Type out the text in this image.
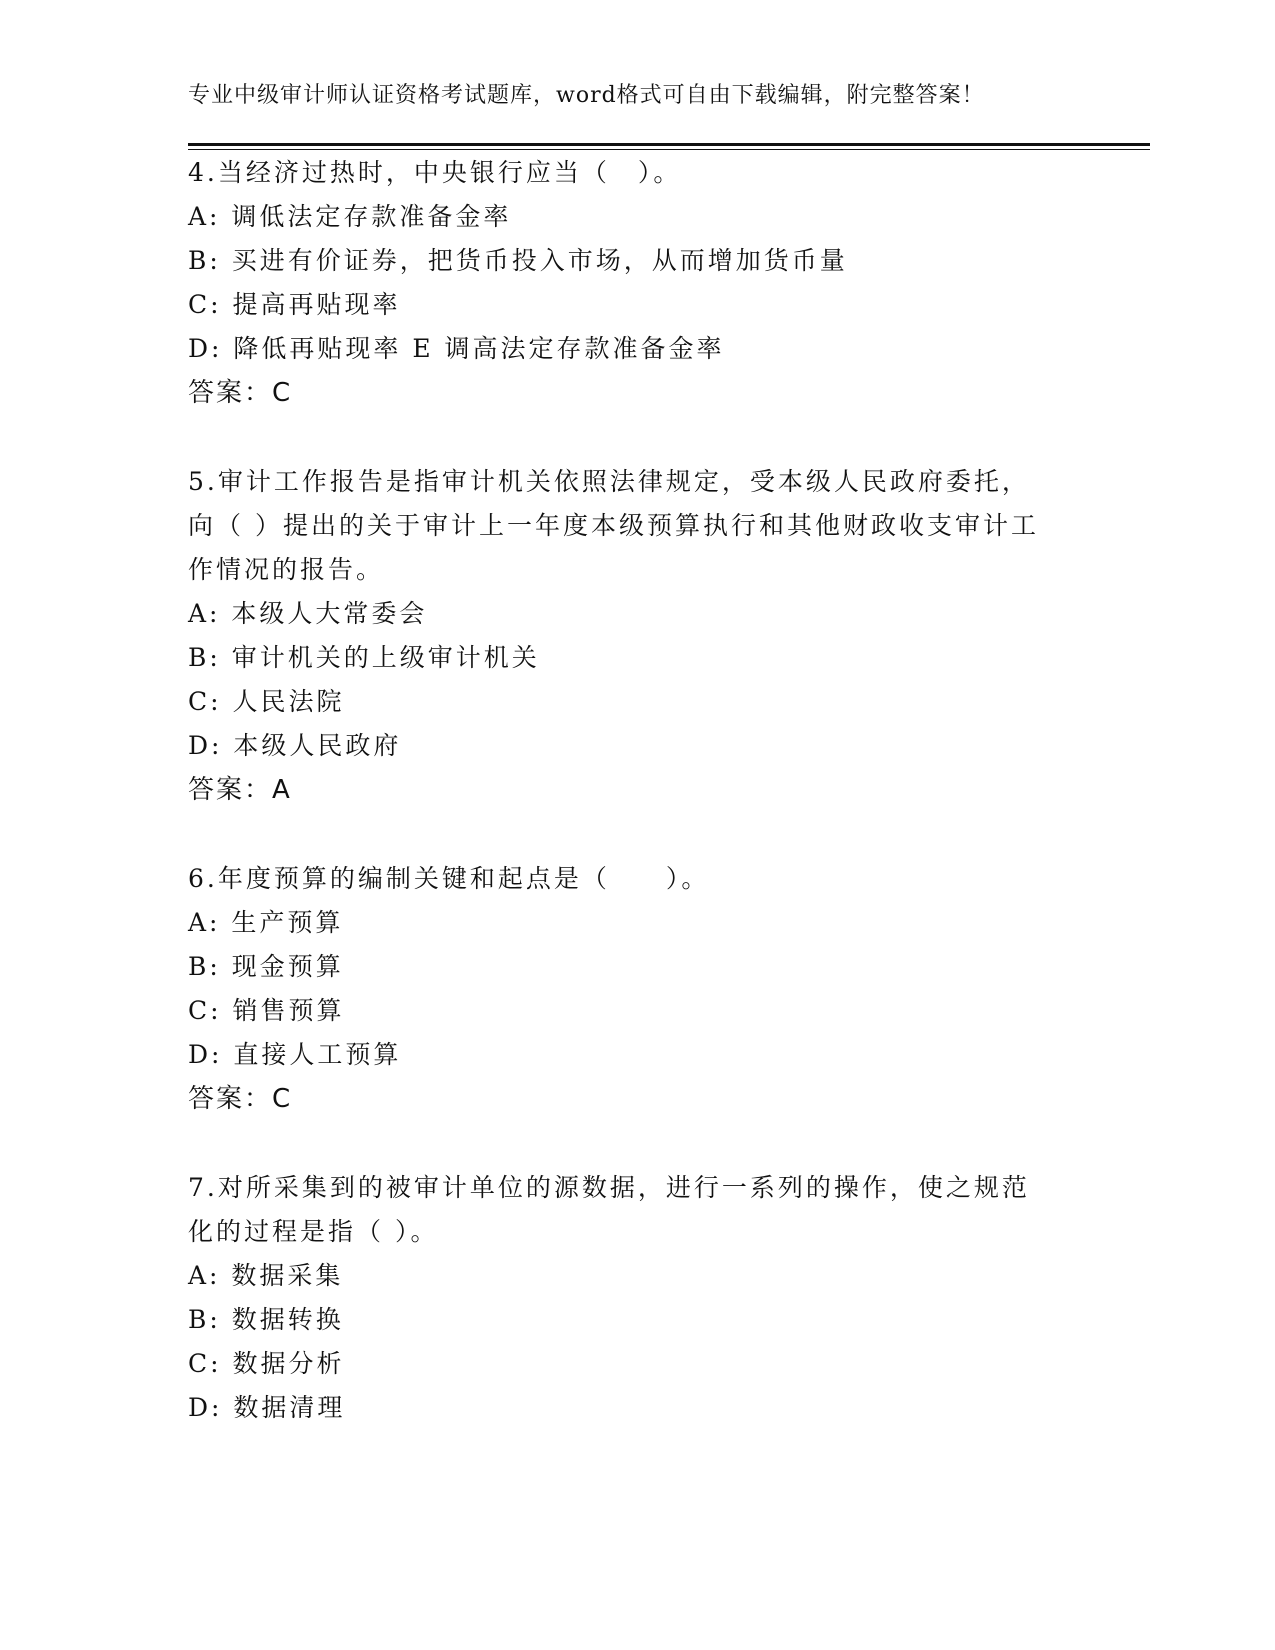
专业中级审计师认证资格考试题库，word格式可自由下载编辑，附完整答案！
4.当经济过热时，中央银行应当（　）。
A: 调低法定存款准备金率
B: 买进有价证券，把货币投入市场，从而增加货币量
C: 提高再贴现率
D: 降低再贴现率 E 调高法定存款准备金率
答案：C
5.审计工作报告是指审计机关依照法律规定，受本级人民政府委托，
向（ ）提出的关于审计上一年度本级预算执行和其他财政收支审计工
作情况的报告。
A: 本级人大常委会
B: 审计机关的上级审计机关
C: 人民法院
D: 本级人民政府
答案：A
6.年度预算的编制关键和起点是（　　）。
A: 生产预算
B: 现金预算
C: 销售预算
D: 直接人工预算
答案：C
7.对所采集到的被审计单位的源数据，进行一系列的操作，使之规范
化的过程是指（ ）。
A: 数据采集
B: 数据转换
C: 数据分析
D: 数据清理
